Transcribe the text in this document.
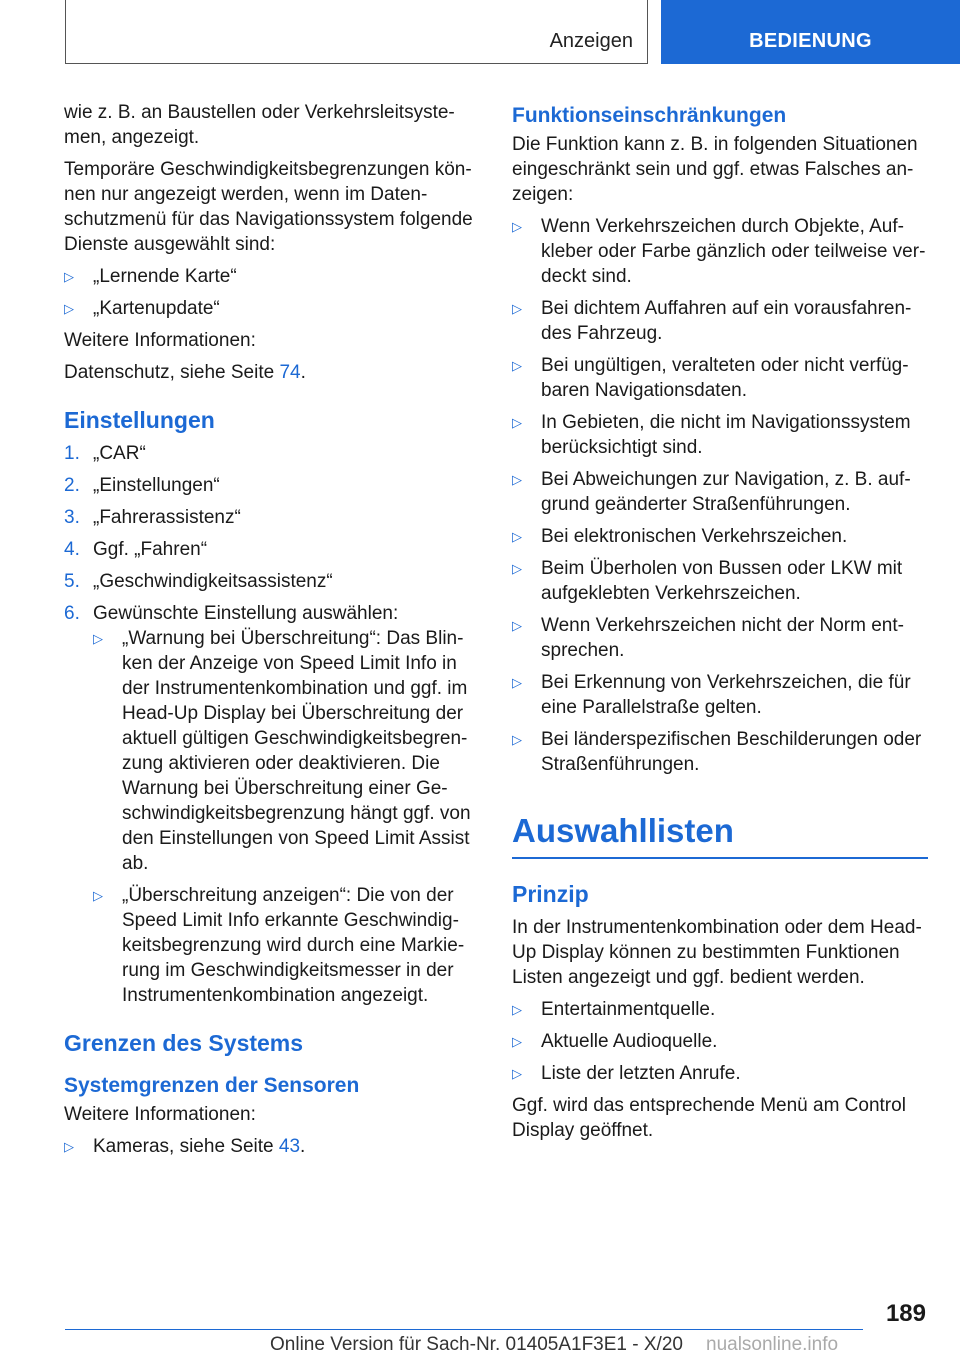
Anzeigen	BEDIENUNG

wie z. B. an Baustellen oder Verkehrsleitsyste‐men, angezeigt.

Temporäre Geschwindigkeitsbegrenzungen kön‐nen nur angezeigt werden, wenn im Daten‐schutzmenü für das Navigationssystem folgende Dienste ausgewählt sind:

▷ „Lernende Karte“
▷ „Kartenupdate“

Weitere Informationen:

Datenschutz, siehe Seite 74.

Einstellungen
1. „CAR“
2. „Einstellungen“
3. „Fahrerassistenz“
4. Ggf. „Fahren“
5. „Geschwindigkeitsassistenz“
6. Gewünschte Einstellung auswählen:
▷ „Warnung bei Überschreitung“: Das Blin‐ken der Anzeige von Speed Limit Info in der Instrumentenkombination und ggf. im Head-Up Display bei Überschreitung der aktuell gültigen Geschwindigkeitsbegren‐zung aktivieren oder deaktivieren. Die Warnung bei Überschreitung einer Ge‐schwindigkeitsbegrenzung hängt ggf. von den Einstellungen von Speed Limit Assist ab.
▷ „Überschreitung anzeigen“: Die von der Speed Limit Info erkannte Geschwindig‐keitsbegrenzung wird durch eine Markie‐rung im Geschwindigkeitsmesser in der Instrumentenkombination angezeigt.
Grenzen des Systems
Systemgrenzen der Sensoren

Weitere Informationen:

▷ Kameras, siehe Seite 43.
Funktionseinschränkungen

Die Funktion kann z. B. in folgenden Situationen eingeschränkt sein und ggf. etwas Falsches an‐zeigen:

▷ Wenn Verkehrszeichen durch Objekte, Auf‐kleber oder Farbe gänzlich oder teilweise ver‐deckt sind.
▷ Bei dichtem Auffahren auf ein vorausfahren‐des Fahrzeug.
▷ Bei ungültigen, veralteten oder nicht verfüg‐baren Navigationsdaten.
▷ In Gebieten, die nicht im Navigationssystem berücksichtigt sind.
▷ Bei Abweichungen zur Navigation, z. B. auf‐grund geänderter Straßenführungen.
▷ Bei elektronischen Verkehrszeichen.
▷ Beim Überholen von Bussen oder LKW mit aufgeklebten Verkehrszeichen.
▷ Wenn Verkehrszeichen nicht der Norm ent‐sprechen.
▷ Bei Erkennung von Verkehrszeichen, die für eine Parallelstraße gelten.
▷ Bei länderspezifischen Beschilderungen oder Straßenführungen.
Auswahllisten
Prinzip

In der Instrumentenkombination oder dem Head-Up Display können zu bestimmten Funktionen Listen angezeigt und ggf. bedient werden.

▷ Entertainmentquelle.
▷ Aktuelle Audioquelle.
▷ Liste der letzten Anrufe.

Ggf. wird das entsprechende Menü am Control Display geöffnet.

189
Online Version für Sach-Nr. 01405A1F3E1 - X/20 nualsonline.info
